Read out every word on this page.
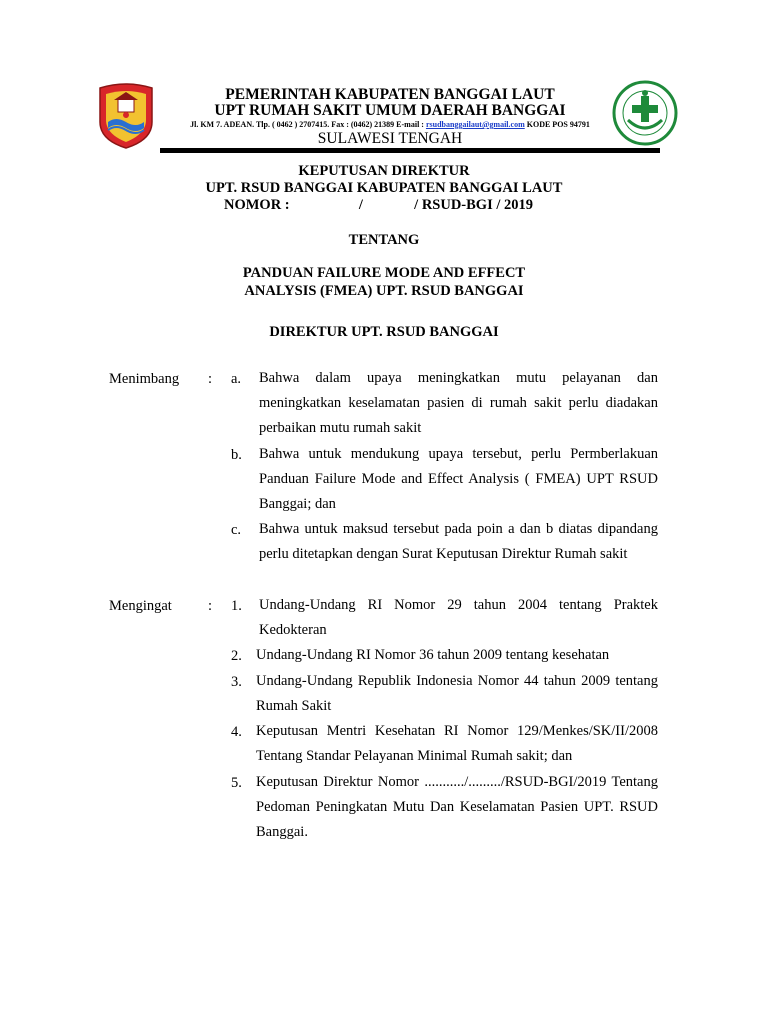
PEMERINTAH KABUPATEN BANGGAI LAUT
UPT RUMAH SAKIT UMUM DAERAH BANGGAI
Jl. KM 7. ADEAN. Tlp. ( 0462 ) 2707415. Fax : (0462) 21389 E-mail : rsudbanggailaut@gmail.com KODE POS 94791
SULAWESI TENGAH
KEPUTUSAN DIREKTUR
UPT. RSUD BANGGAI KABUPATEN BANGGAI LAUT
NOMOR :	/	/ RSUD-BGI / 2019
TENTANG
PANDUAN FAILURE MODE AND EFFECT
ANALYSIS (FMEA) UPT. RSUD BANGGAI
DIREKTUR UPT. RSUD BANGGAI
Menimbang : a. Bahwa dalam upaya meningkatkan mutu pelayanan dan meningkatkan keselamatan pasien di rumah sakit perlu diadakan perbaikan mutu rumah sakit
b. Bahwa untuk mendukung upaya tersebut, perlu Permberlakuan Panduan Failure Mode and Effect Analysis ( FMEA) UPT RSUD Banggai; dan
c. Bahwa untuk maksud tersebut pada poin a dan b diatas dipandang perlu ditetapkan dengan Surat Keputusan Direktur Rumah sakit
Mengingat : 1. Undang-Undang RI Nomor 29 tahun 2004 tentang Praktek Kedokteran
2. Undang-Undang RI Nomor 36 tahun 2009 tentang kesehatan
3. Undang-Undang Republik Indonesia Nomor 44 tahun 2009 tentang Rumah Sakit
4. Keputusan Mentri Kesehatan RI Nomor 129/Menkes/SK/II/2008 Tentang Standar Pelayanan Minimal Rumah sakit; dan
5. Keputusan Direktur Nomor .........../........./RSUD-BGI/2019 Tentang Pedoman Peningkatan Mutu Dan Keselamatan Pasien UPT. RSUD Banggai.
